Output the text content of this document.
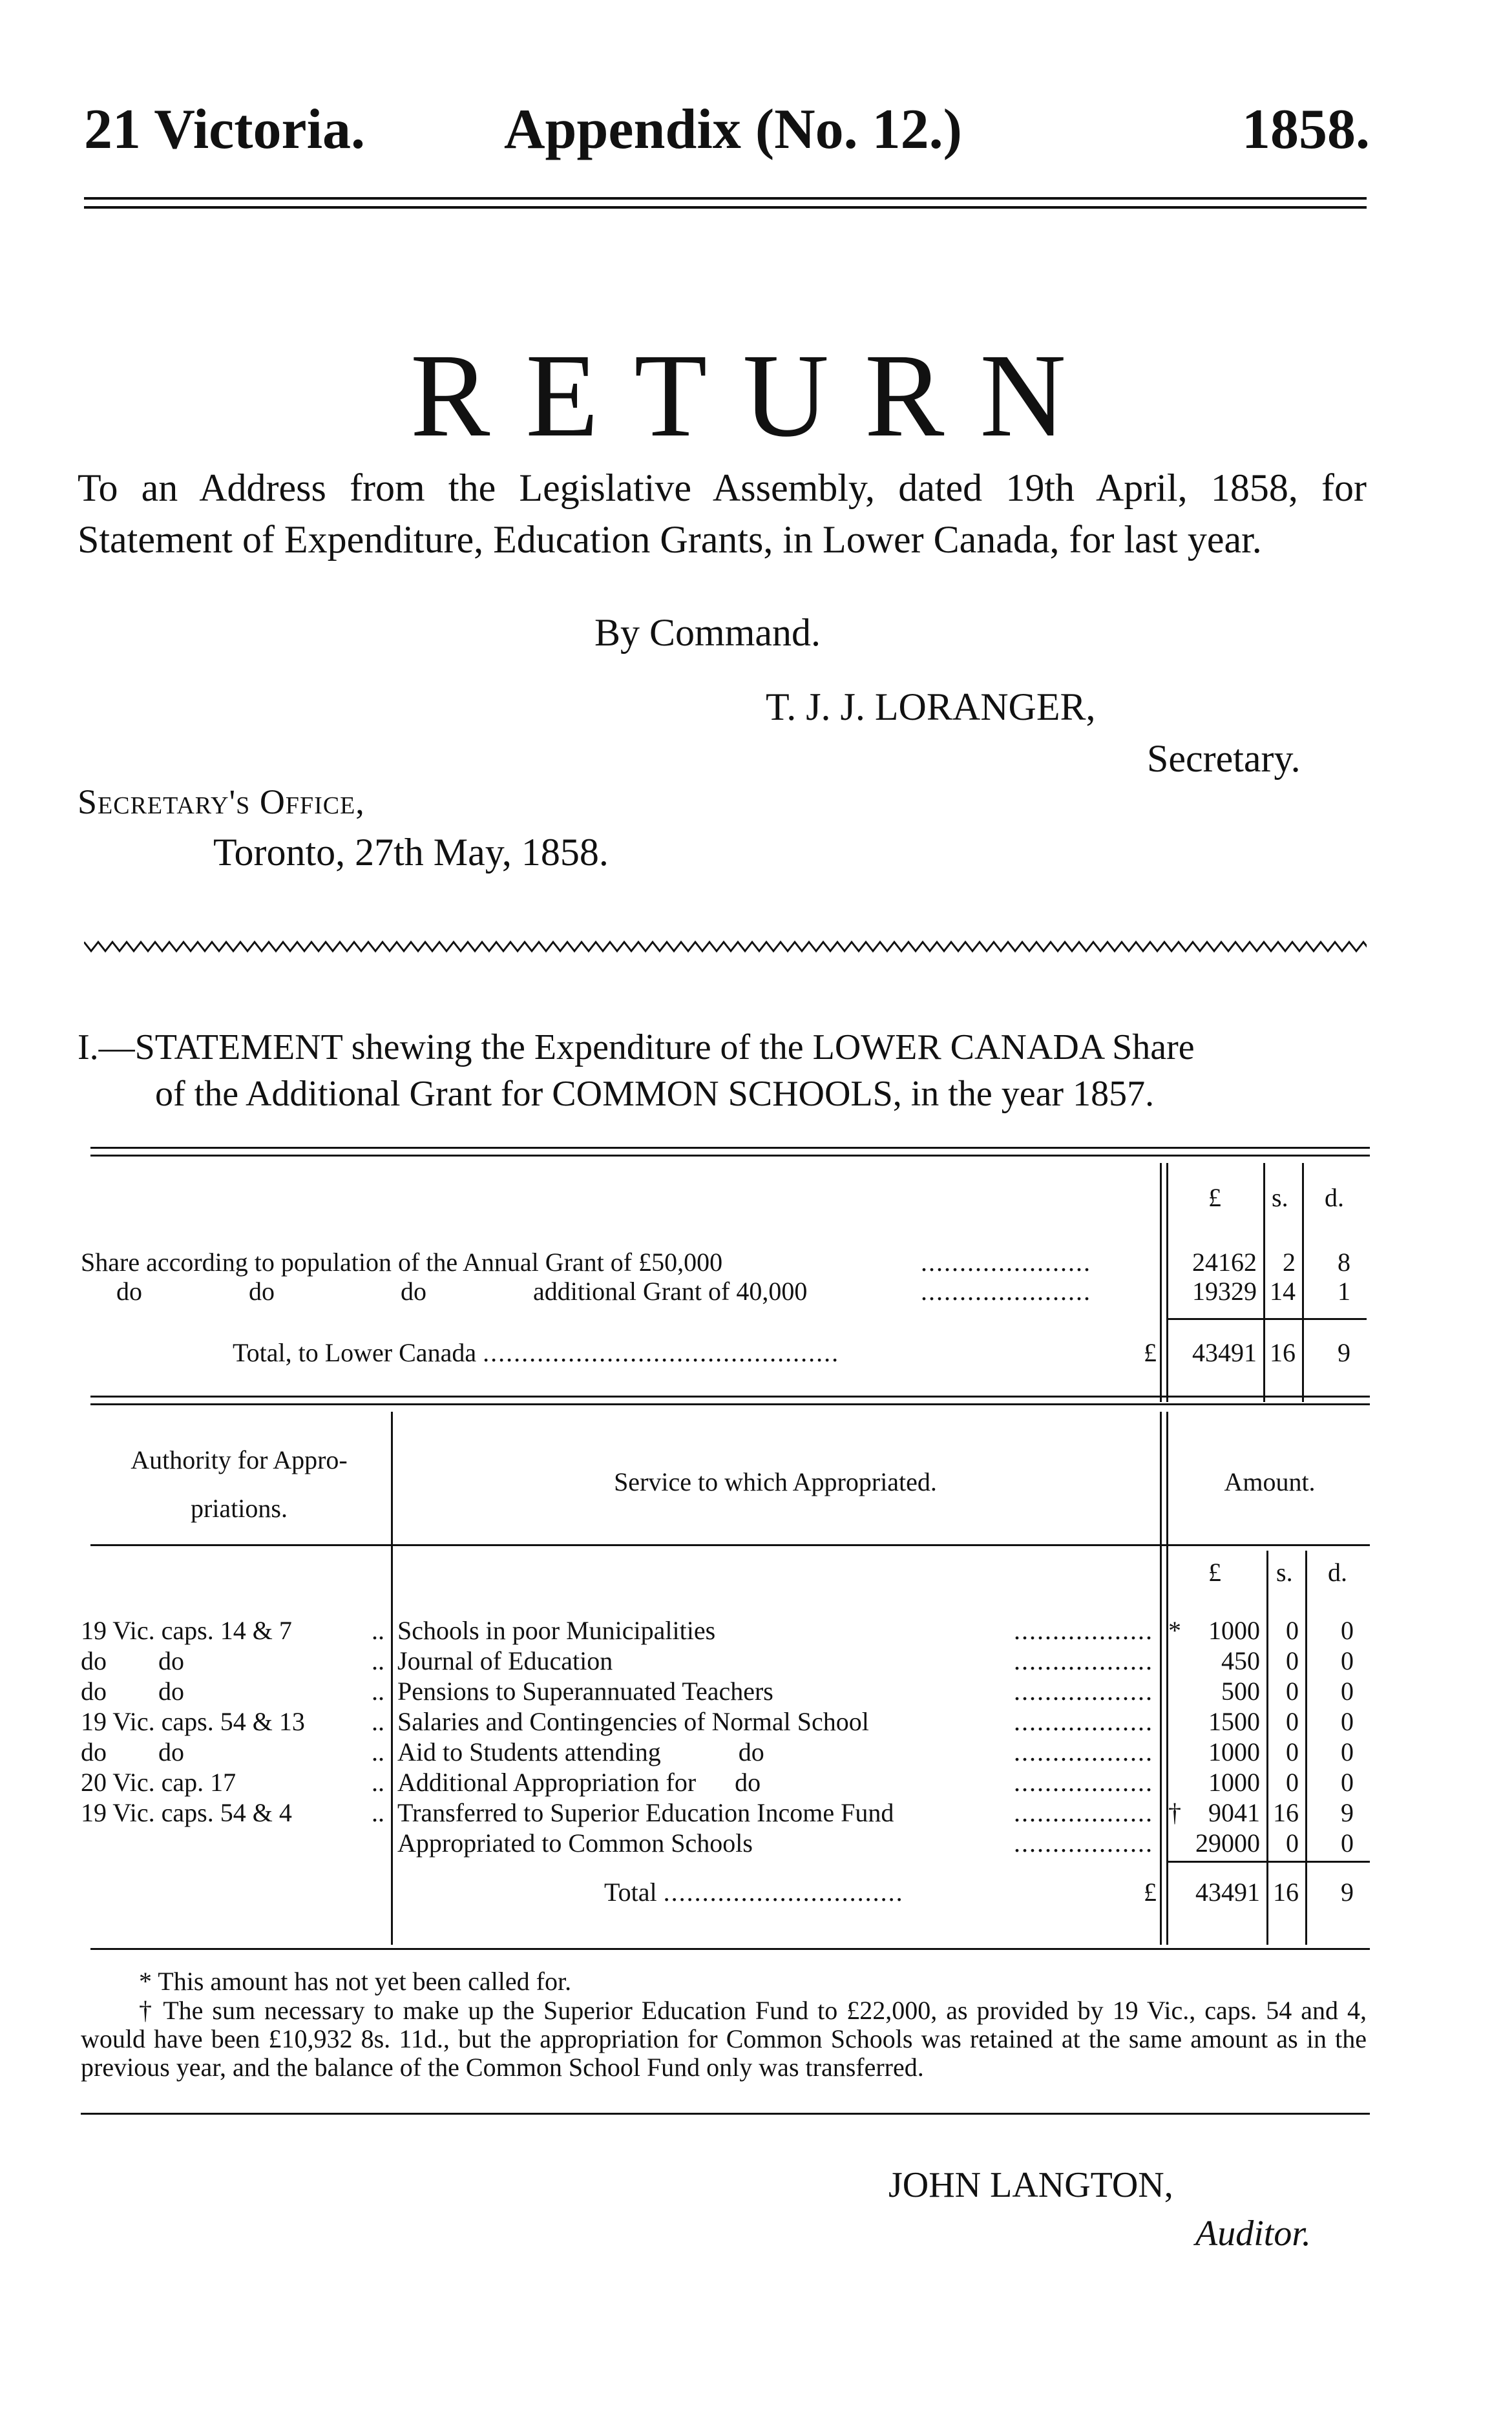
21 Victoria. Appendix (No. 12.)	1858.
RETURN
To an Address from the Legislative Assembly, dated 19th April, 1858, for Statement of Expenditure, Education Grants, in Lower Canada, for last year.
By Command.
T. J. J. LORANGER,
Secretary.
Secretary's Office,
Toronto, 27th May, 1858.
I.—STATEMENT shewing the Expenditure of the LOWER CANADA Share
of the Additional Grant for COMMON SCHOOLS, in the year 1857.
£ s. d.
Share according to population of the Annual Grant of £50,000	......................	24162	2 8
do	do	do	additional Grant of 40,000	......................	19329 14 1
Total, to Lower Canada ..............................................	£	43491 16 9
Authority for Appro-
priations.
Service to which Appropriated.	Amount.
£ s. d.
19 Vic. caps. 14 & 7	.. Schools in poor Municipalities	.................. *	1000	0 0
do        do	.. Journal of Education	..................	450	0 0
do        do	.. Pensions to Superannuated Teachers	..................	500	0 0
19 Vic. caps. 54 & 13 .. Salaries and Contingencies of Normal School	..................	1500	0 0
do        do	.. Aid to Students attending            do	..................	1000	0 0
20 Vic. cap. 17	.. Additional Appropriation for      do	..................	1000	0 0
19 Vic. caps. 54 & 4	.. Transferred to Superior Education Income Fund	.................. †	9041 16 9
Appropriated to Common Schools	..................	29000	0 0
Total ...............................	£	43491 16 9
* This amount has not yet been called for.
† The sum necessary to make up the Superior Education Fund to £22,000, as provided by 19 Vic., caps. 54 and 4, would have been £10,932 8s. 11d., but the appropriation for Common Schools was retained at the same amount as in the previous year, and the balance of the Common School Fund only was transferred.
JOHN LANGTON,
Auditor.
